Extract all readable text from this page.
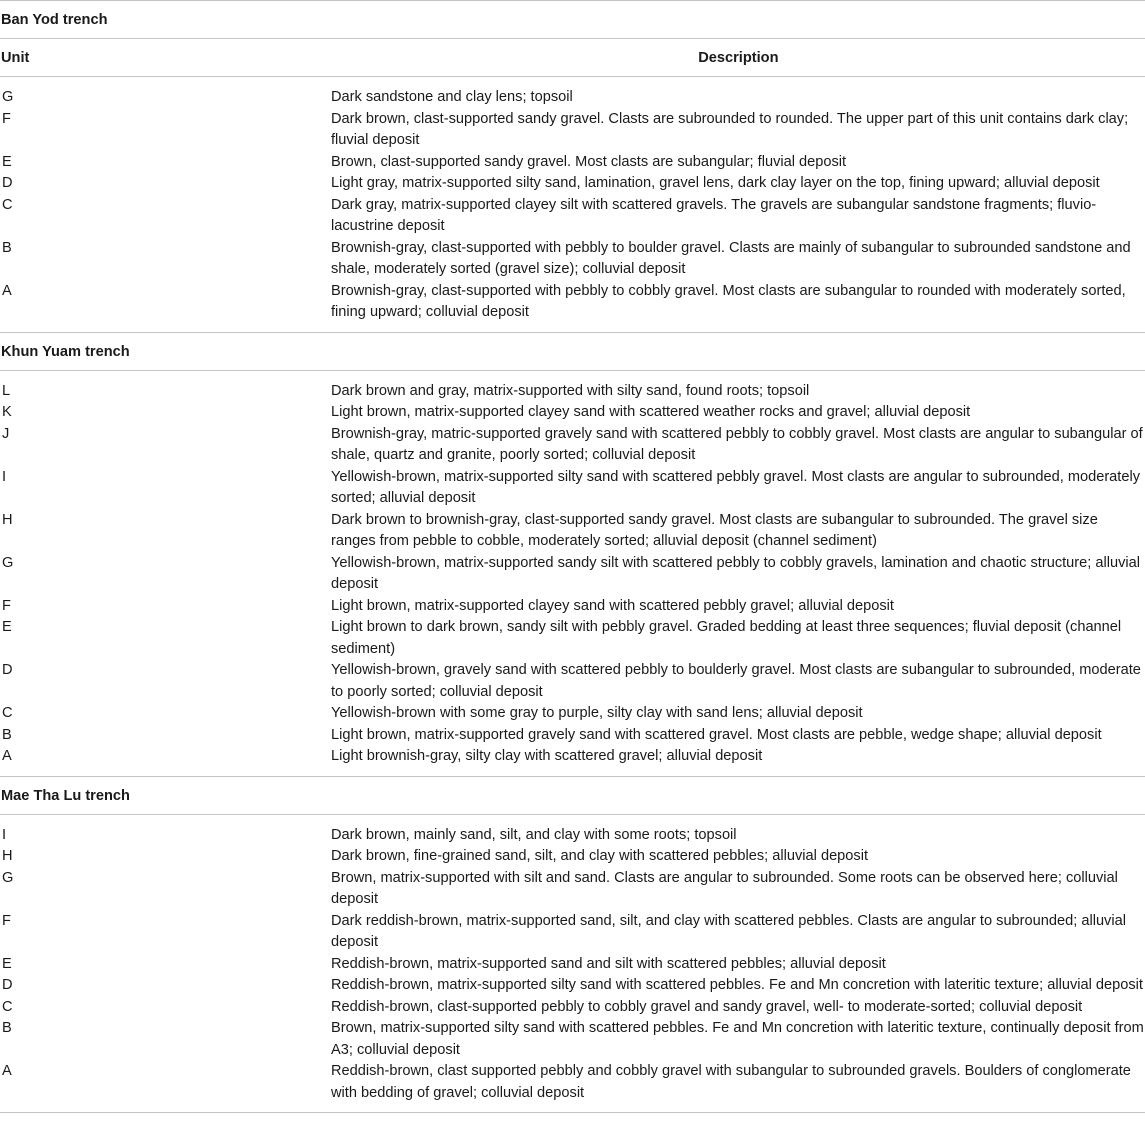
Ban Yod trench
Unit	Description
G	Dark sandstone and clay lens; topsoil
F	Dark brown, clast-supported sandy gravel. Clasts are subrounded to rounded. The upper part of this unit contains dark clay; fluvial deposit
E	Brown, clast-supported sandy gravel. Most clasts are subangular; fluvial deposit
D	Light gray, matrix-supported silty sand, lamination, gravel lens, dark clay layer on the top, fining upward; alluvial deposit
C	Dark gray, matrix-supported clayey silt with scattered gravels. The gravels are subangular sandstone fragments; fluvio-lacustrine deposit
B	Brownish-gray, clast-supported with pebbly to boulder gravel. Clasts are mainly of subangular to subrounded sandstone and shale, moderately sorted (gravel size); colluvial deposit
A	Brownish-gray, clast-supported with pebbly to cobbly gravel. Most clasts are subangular to rounded with moderately sorted, fining upward; colluvial deposit
Khun Yuam trench
L	Dark brown and gray, matrix-supported with silty sand, found roots; topsoil
K	Light brown, matrix-supported clayey sand with scattered weather rocks and gravel; alluvial deposit
J	Brownish-gray, matric-supported gravely sand with scattered pebbly to cobbly gravel. Most clasts are angular to subangular of shale, quartz and granite, poorly sorted; colluvial deposit
I	Yellowish-brown, matrix-supported silty sand with scattered pebbly gravel. Most clasts are angular to subrounded, moderately sorted; alluvial deposit
H	Dark brown to brownish-gray, clast-supported sandy gravel. Most clasts are subangular to subrounded. The gravel size ranges from pebble to cobble, moderately sorted; alluvial deposit (channel sediment)
G	Yellowish-brown, matrix-supported sandy silt with scattered pebbly to cobbly gravels, lamination and chaotic structure; alluvial deposit
F	Light brown, matrix-supported clayey sand with scattered pebbly gravel; alluvial deposit
E	Light brown to dark brown, sandy silt with pebbly gravel. Graded bedding at least three sequences; fluvial deposit (channel sediment)
D	Yellowish-brown, gravely sand with scattered pebbly to boulderly gravel. Most clasts are subangular to subrounded, moderate to poorly sorted; colluvial deposit
C	Yellowish-brown with some gray to purple, silty clay with sand lens; alluvial deposit
B	Light brown, matrix-supported gravely sand with scattered gravel. Most clasts are pebble, wedge shape; alluvial deposit
A	Light brownish-gray, silty clay with scattered gravel; alluvial deposit
Mae Tha Lu trench
I	Dark brown, mainly sand, silt, and clay with some roots; topsoil
H	Dark brown, fine-grained sand, silt, and clay with scattered pebbles; alluvial deposit
G	Brown, matrix-supported with silt and sand. Clasts are angular to subrounded. Some roots can be observed here; colluvial deposit
F	Dark reddish-brown, matrix-supported sand, silt, and clay with scattered pebbles. Clasts are angular to subrounded; alluvial deposit
E	Reddish-brown, matrix-supported sand and silt with scattered pebbles; alluvial deposit
D	Reddish-brown, matrix-supported silty sand with scattered pebbles. Fe and Mn concretion with lateritic texture; alluvial deposit
C	Reddish-brown, clast-supported pebbly to cobbly gravel and sandy gravel, well- to moderate-sorted; colluvial deposit
B	Brown, matrix-supported silty sand with scattered pebbles. Fe and Mn concretion with lateritic texture, continually deposit from A3; colluvial deposit
A	Reddish-brown, clast supported pebbly and cobbly gravel with subangular to subrounded gravels. Boulders of conglomerate with bedding of gravel; colluvial deposit
